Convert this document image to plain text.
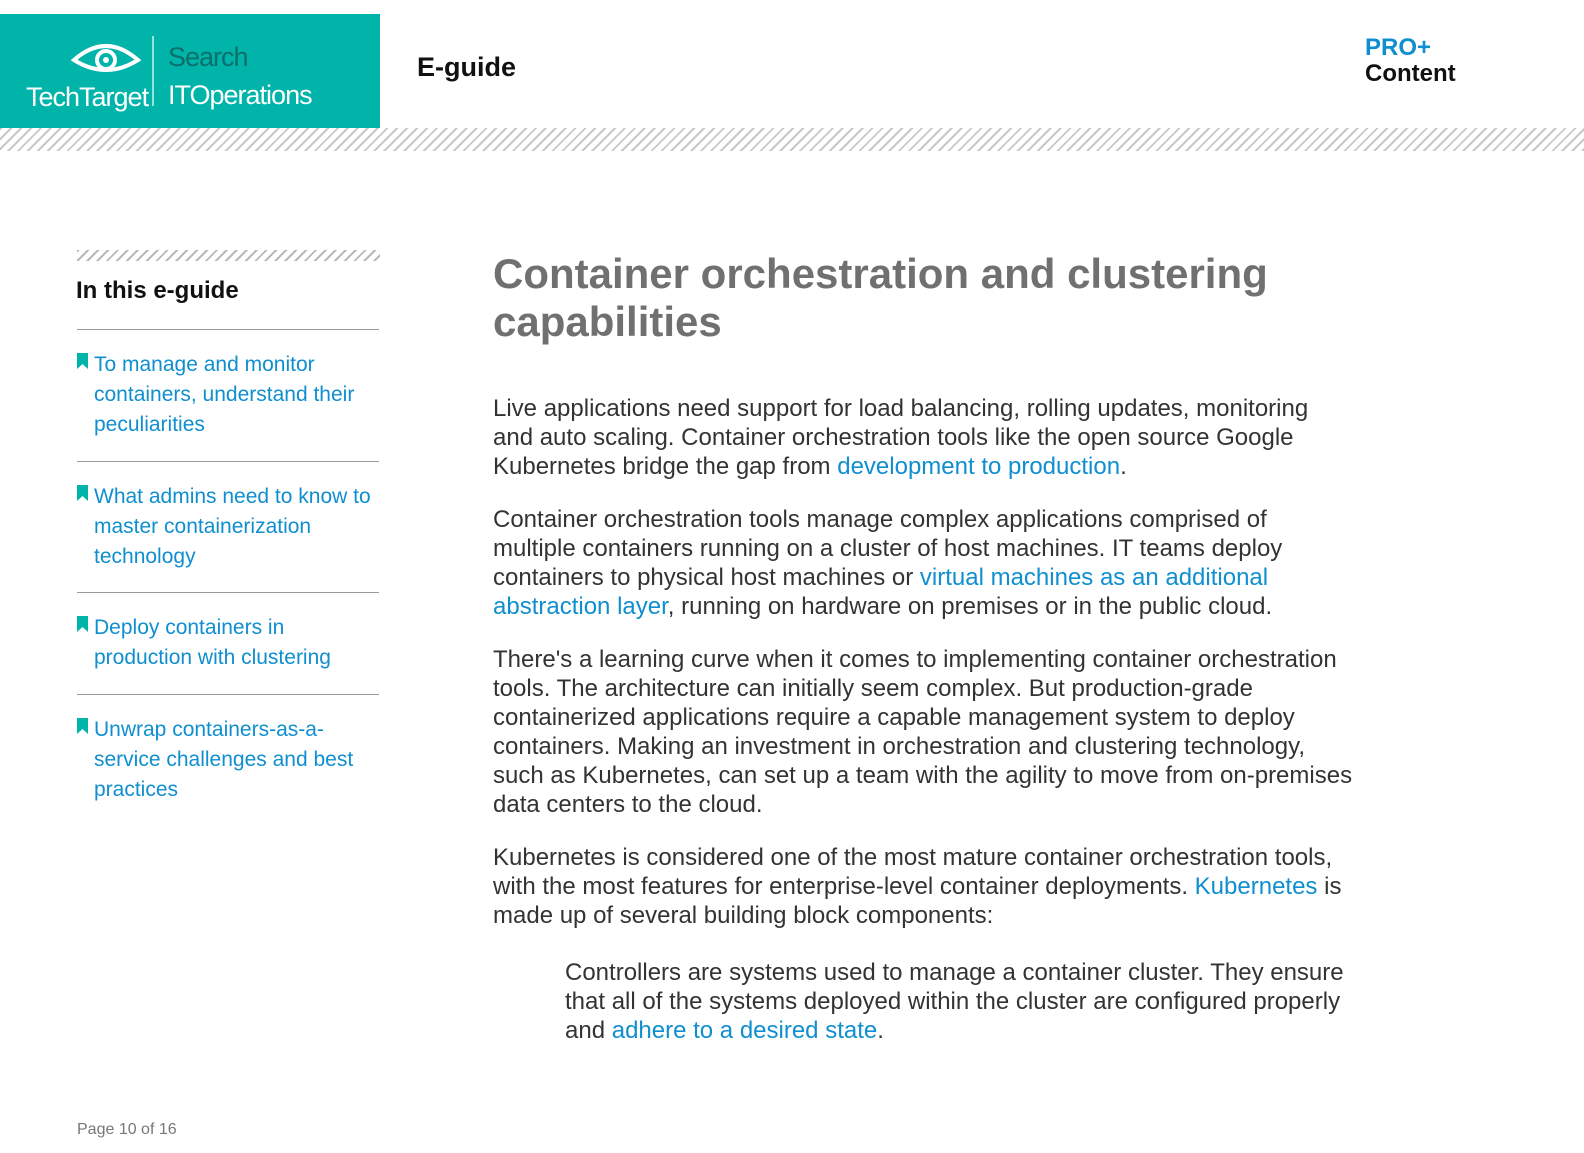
TechTarget
Search
ITOperations
E-guide
PRO+
Content
In this e-guide
To manage and monitor containers, understand their peculiarities
What admins need to know to master containerization technology
Deploy containers in production with clustering
Unwrap containers-as-a-service challenges and best practices
Container orchestration and clustering capabilities

Live applications need support for load balancing, rolling updates, monitoring and auto scaling. Container orchestration tools like the open source Google Kubernetes bridge the gap from development to production.

Container orchestration tools manage complex applications comprised of multiple containers running on a cluster of host machines. IT teams deploy containers to physical host machines or virtual machines as an additional abstraction layer, running on hardware on premises or in the public cloud.

There's a learning curve when it comes to implementing container orchestration tools. The architecture can initially seem complex. But production-grade containerized applications require a capable management system to deploy containers. Making an investment in orchestration and clustering technology, such as Kubernetes, can set up a team with the agility to move from on-premises data centers to the cloud.

Kubernetes is considered one of the most mature container orchestration tools, with the most features for enterprise-level container deployments. Kubernetes is made up of several building block components:

Controllers are systems used to manage a container cluster. They ensure that all of the systems deployed within the cluster are configured properly and adhere to a desired state.

Page 10 of 16
